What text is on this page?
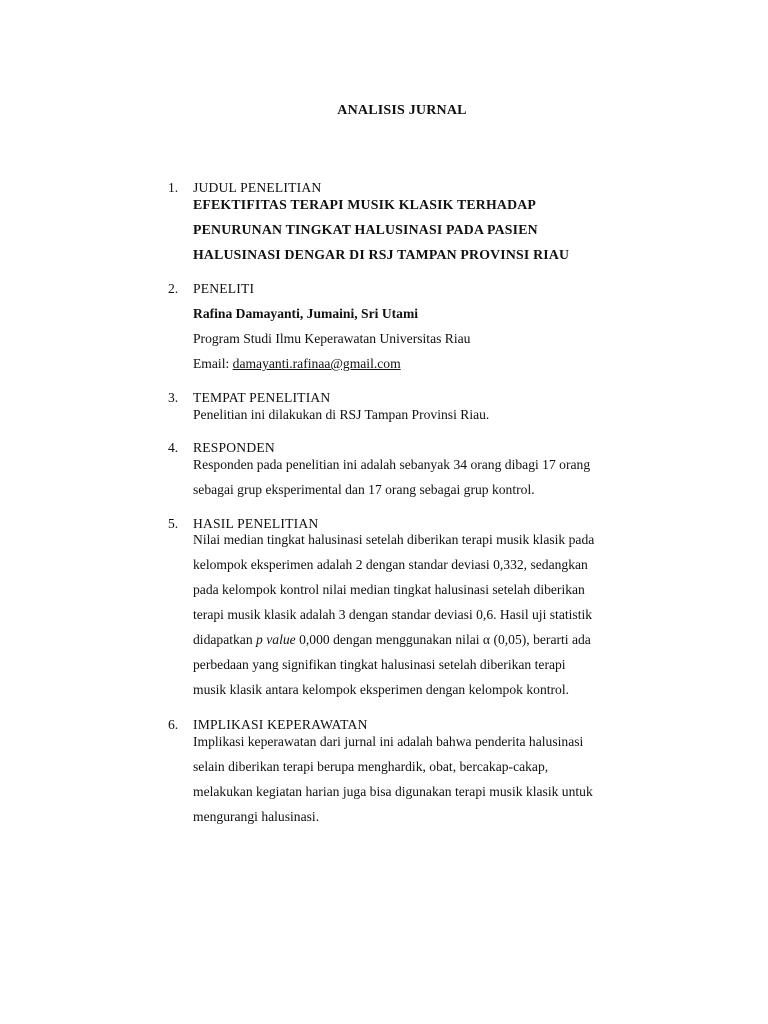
ANALISIS JURNAL
1.	JUDUL PENELITIAN
EFEKTIFITAS TERAPI MUSIK KLASIK TERHADAP
PENURUNAN TINGKAT HALUSINASI PADA PASIEN
HALUSINASI DENGAR DI RSJ TAMPAN PROVINSI RIAU
2.	PENELITI
Rafina Damayanti, Jumaini, Sri Utami
Program Studi Ilmu Keperawatan Universitas Riau
Email: damayanti.rafinaa@gmail.com
3.	TEMPAT PENELITIAN
Penelitian ini dilakukan di RSJ Tampan Provinsi Riau.
4.	RESPONDEN
Responden pada penelitian ini adalah sebanyak 34 orang dibagi 17 orang
sebagai grup eksperimental dan 17 orang sebagai grup kontrol.
5.	HASIL PENELITIAN
Nilai median tingkat halusinasi setelah diberikan terapi musik klasik pada
kelompok eksperimen adalah 2 dengan standar deviasi 0,332, sedangkan
pada kelompok kontrol nilai median tingkat halusinasi setelah diberikan
terapi musik klasik adalah 3 dengan standar deviasi 0,6. Hasil uji statistik
didapatkan p value 0,000 dengan menggunakan nilai α (0,05), berarti ada
perbedaan yang signifikan tingkat halusinasi setelah diberikan terapi
musik klasik antara kelompok eksperimen dengan kelompok kontrol.
6.	IMPLIKASI KEPERAWATAN
Implikasi keperawatan dari jurnal ini adalah bahwa penderita halusinasi
selain diberikan terapi berupa menghardik, obat, bercakap-cakap,
melakukan kegiatan harian juga bisa digunakan terapi musik klasik untuk
mengurangi halusinasi.
